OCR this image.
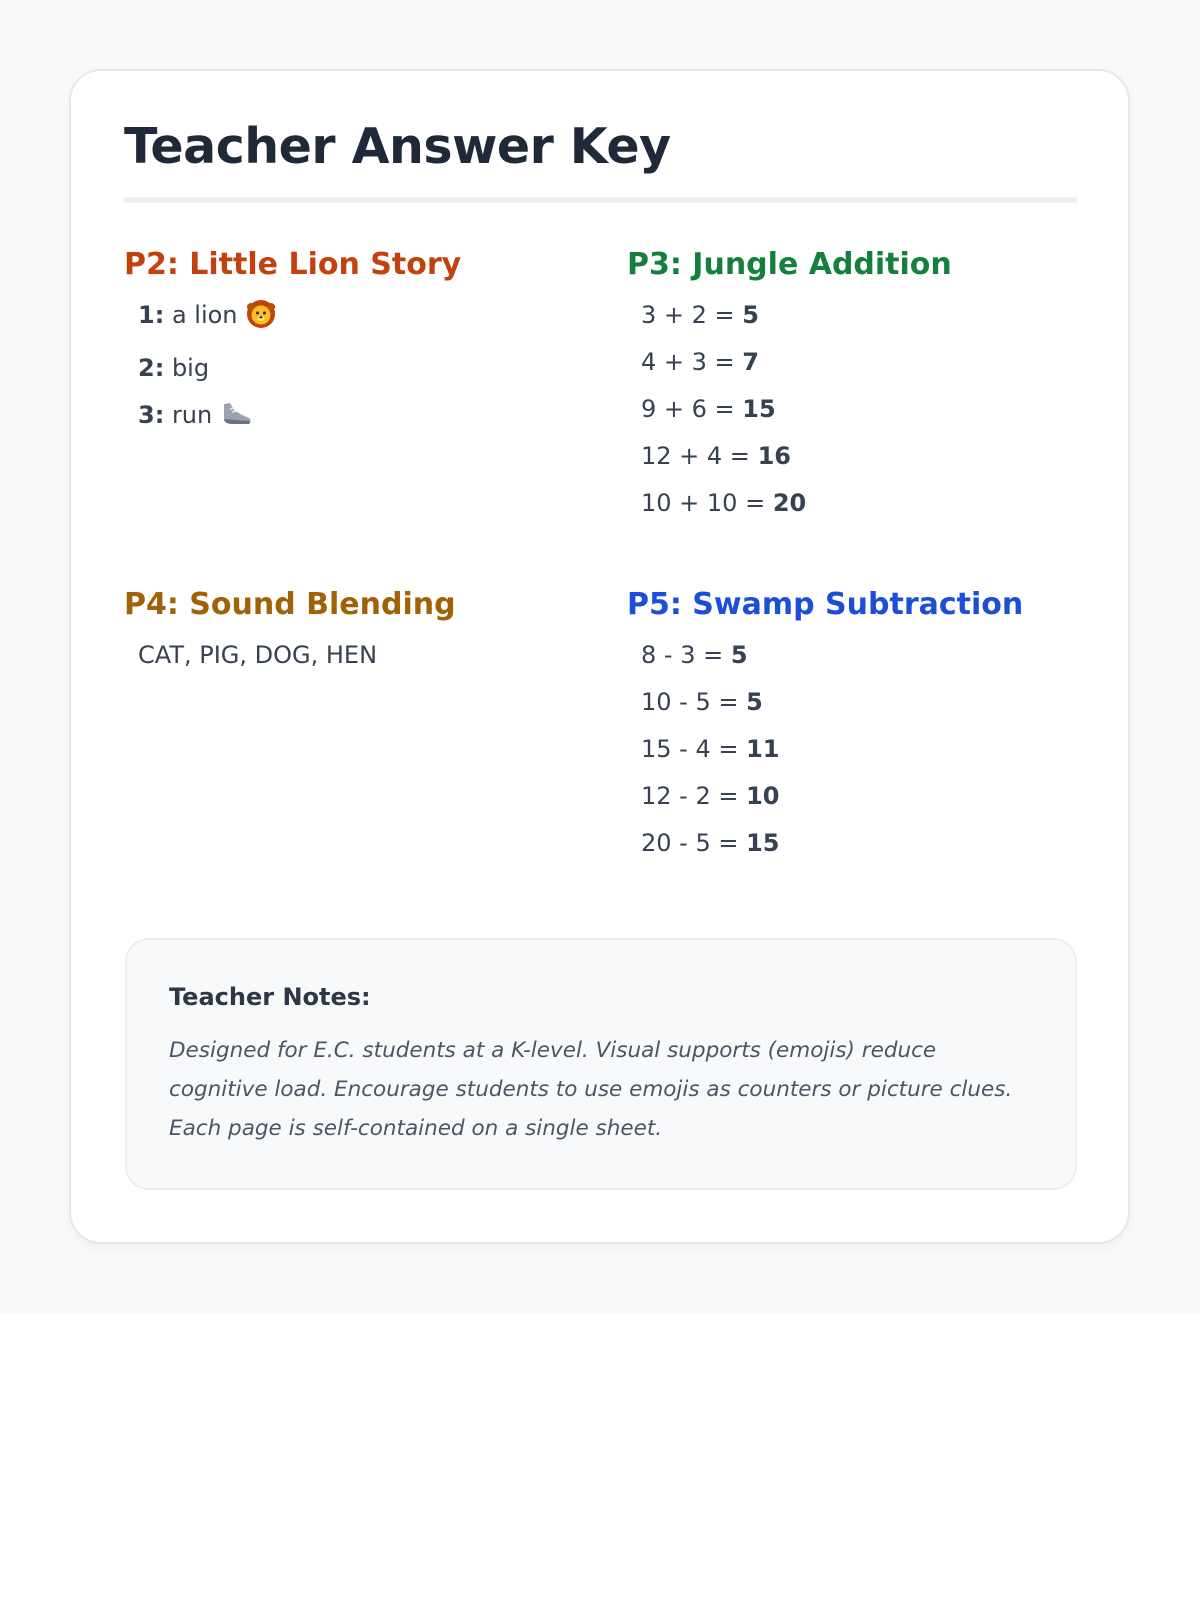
Teacher Answer Key
P2: Little Lion Story
1: a lion
2: big
3: run
P3: Jungle Addition
3 + 2 = 5
4 + 3 = 7
9 + 6 = 15
12 + 4 = 16
10 + 10 = 20
P4: Sound Blending

CAT, PIG, DOG, HEN

P5: Swamp Subtraction
8 - 3 = 5
10 - 5 = 5
15 - 4 = 11
12 - 2 = 10
20 - 5 = 15

Teacher Notes:

Designed for E.C. students at a K-level. Visual supports (emojis) reduce cognitive load. Encourage students to use emojis as counters or picture clues. Each page is self-contained on a single sheet.
